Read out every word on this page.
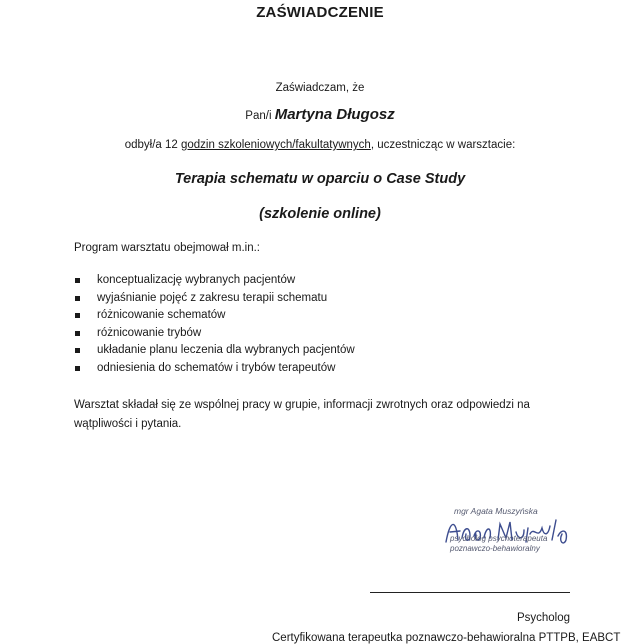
ZAŚWIADCZENIE
Zaświadczam, że
Pan/i Martyna Długosz
odbył/a 12 godzin szkoleniowych/fakultatywnych, uczestnicząc w warsztacie:
Terapia schematu w oparciu o Case Study
(szkolenie online)
Program warsztatu obejmował m.in.:
konceptualizację wybranych pacjentów
wyjaśnianie pojęć z zakresu terapii schematu
różnicowanie schematów
różnicowanie trybów
układanie planu leczenia dla wybranych pacjentów
odniesienia do schematów i trybów terapeutów
Warsztat składał się ze wspólnej pracy w grupie, informacji zwrotnych oraz odpowiedzi na wątpliwości i pytania.
mgr Agata Muszyńska
psycholog psychoterapeuta
poznawczo-behawioralny
Psycholog
Certyfikowana terapeutka poznawczo-behawioralna PTTPB, EABCT
